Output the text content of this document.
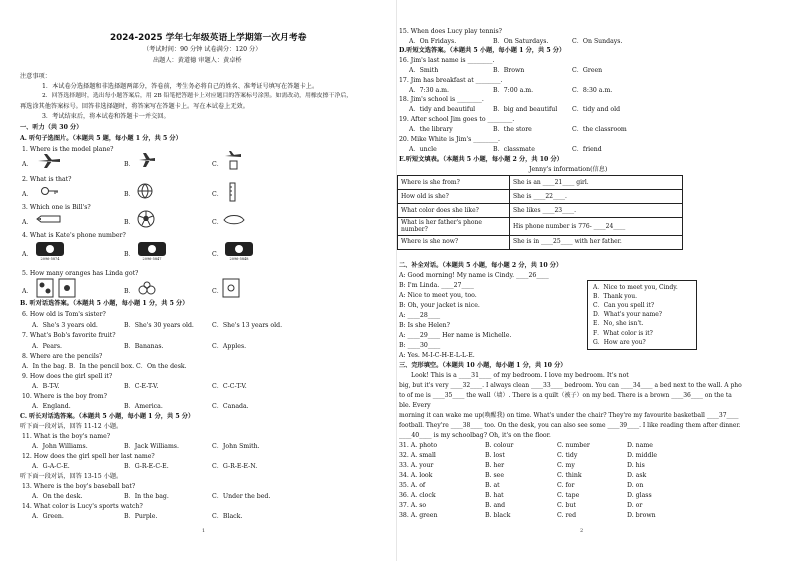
2024-2025 学年七年级英语上学期第一次月考卷
（考试时间：90 分钟 试卷满分：120 分）
出题人：黄道德 审题人：黄卓桥
注意事项：
1．本试卷分选择题和非选择题两部分，答卷前，考生务必将自己的姓名、准考证号填写在答题卡上。
2．回答选择题时，选出每小题答案后，用 2B 铅笔把答题卡上对应题目的答案标号涂黑。如需改动，用橡皮擦干净后，
再选涂其他答案标号。回答非选择题时，将答案写在答题卡上。写在本试卷上无效。
3．考试结束后，将本试卷和答题卡一并交回。
一、听力（共 30 分）
A. 听句子选图片。（本题共 5 题，每小题 1 分，共 5 分）
1. Where is the model plane?
A．	B．	C．
2. What is that?
A．	B．	C．
3. Which one is Bill's?
A．	B．	C．
4. What is Kate's phone number?
A．
2096-5874
B．
2096-5847
C．
2096-5848
5. How many oranges has Linda got?
A．	B．	C．
B. 听对话选答案。（本题共 5 小题，每小题 1 分，共 5 分）
6. How old is Tom's sister?
A．She's 3 years old.	B．She's 30 years old.	C．She's 13 years old.
7. What's Bob's favorite fruit?
A．Pears.	B．Bananas.	C．Apples.
8. Where are the pencils?
A．In the bag. B．In the pencil box. C．On the desk.
9. How does the girl spell it?
A．B-T-V.	B．C-E-T-V.	C．C-C-T-V.
10. Where is the boy from?
A．England.	B．America.	C．Canada.
C. 听长对话选答案。（本题共 5 小题，每小题 1 分，共 5 分）
听下面一段对话，回答 11-12 小题。
11. What is the boy's name?
A．John Williams.	B．Jack Williams.	C．John Smith.
12. How does the girl spell her last name?
A．G-A-C-E.	B．G-R-E-C-E.	C．G-R-E-E-N.
听下面一段对话，回答 13-15 小题。
13. Where is the boy's baseball bat?
A．On the desk.	B．In the bag.	C．Under the bed.
14. What color is Lucy's sports watch?
A．Green.	B．Purple.	C．Black.
1
15. When does Lucy play tennis?
A．On Fridays.	B．On Saturdays.	C．On Sundays.
D.听短文选答案。（本题共 5 小题，每小题 1 分，共 5 分）
16. Jim's last name is ________.
A．Smith	B．Brown	C．Green
17. Jim has breakfast at ________.
A．7:30 a.m.	B．7:00 a.m.	C．8:30 a.m.
18. Jim's school is ________.
A．tidy and beautiful	B．big and beautiful C．tidy and old
19. After school Jim goes to ________.
A．the library	B．the store	C．the classroom
20. Mike White is Jim's ________.
A．uncle	B．classmate	C．friend
E.听短文填表。（本题共 5 小题，每小题 2 分，共 10 分）
Jenny's information(信息)
Where is she from?	She is an ____21____ girl.
How old is she?	She is ____22____.
What color does she like?	She likes ____23____.
What is her father's phone number?	His phone number is 776- ____24____
Where is she now?	She is in ____25____ with her father.
二、补全对话。（本题共 5 小题，每小题 2 分，共 10 分）
A: Good morning! My name is Cindy. ____26____
B: I'm Linda. ____27____
A: Nice to meet you, too.
B: Oh, your jacket is nice.
A: ____28____
B: Is she Helen?
A: ____29____ Her name is Michelle.
B: ____30____
A: Yes. M-I-C-H-E-L-L-E.
A．Nice to meet you, Cindy.
B．Thank you.
C．Can you spell it?
D．What's your name?
E．No, she isn't.
F．What color is it?
G．How are you?
三、完形填空。（本题共 10 小题，每小题 1 分，共 10 分）
Look! This is a ____31____ of my bedroom. I love my bedroom. It's not
big, but it's very ____32____. I always clean ____33____ bedroom. You can ____34____ a bed next to the wall. A pho
to of me is ____35____ the wall（墙）. There is a quilt（被子）on my bed. There is a brown ____36____ on the ta
ble. Every
morning it can wake me up(唤醒我) on time. What's under the chair? They're my favourite basketball ____37____
football. They're ____38____ too. On the desk, you can also see some ____39____. I like reading them after dinner.
____40____ is my schoolbag? Oh, it's on the floor.
31. A. photo	B. colour	C. number	D. name
32. A. small	B. lost	C. tidy	D. middle
33. A. your	B. her	C. my	D. his
34. A. look	B. see	C. think	D. ask
35. A. of	B. at	C. for	D. on
36. A. clock	B. hat	C. tape	D. glass
37. A. so	B. and	C. but	D. or
38. A. green	B. black	C. red	D. brown
2
